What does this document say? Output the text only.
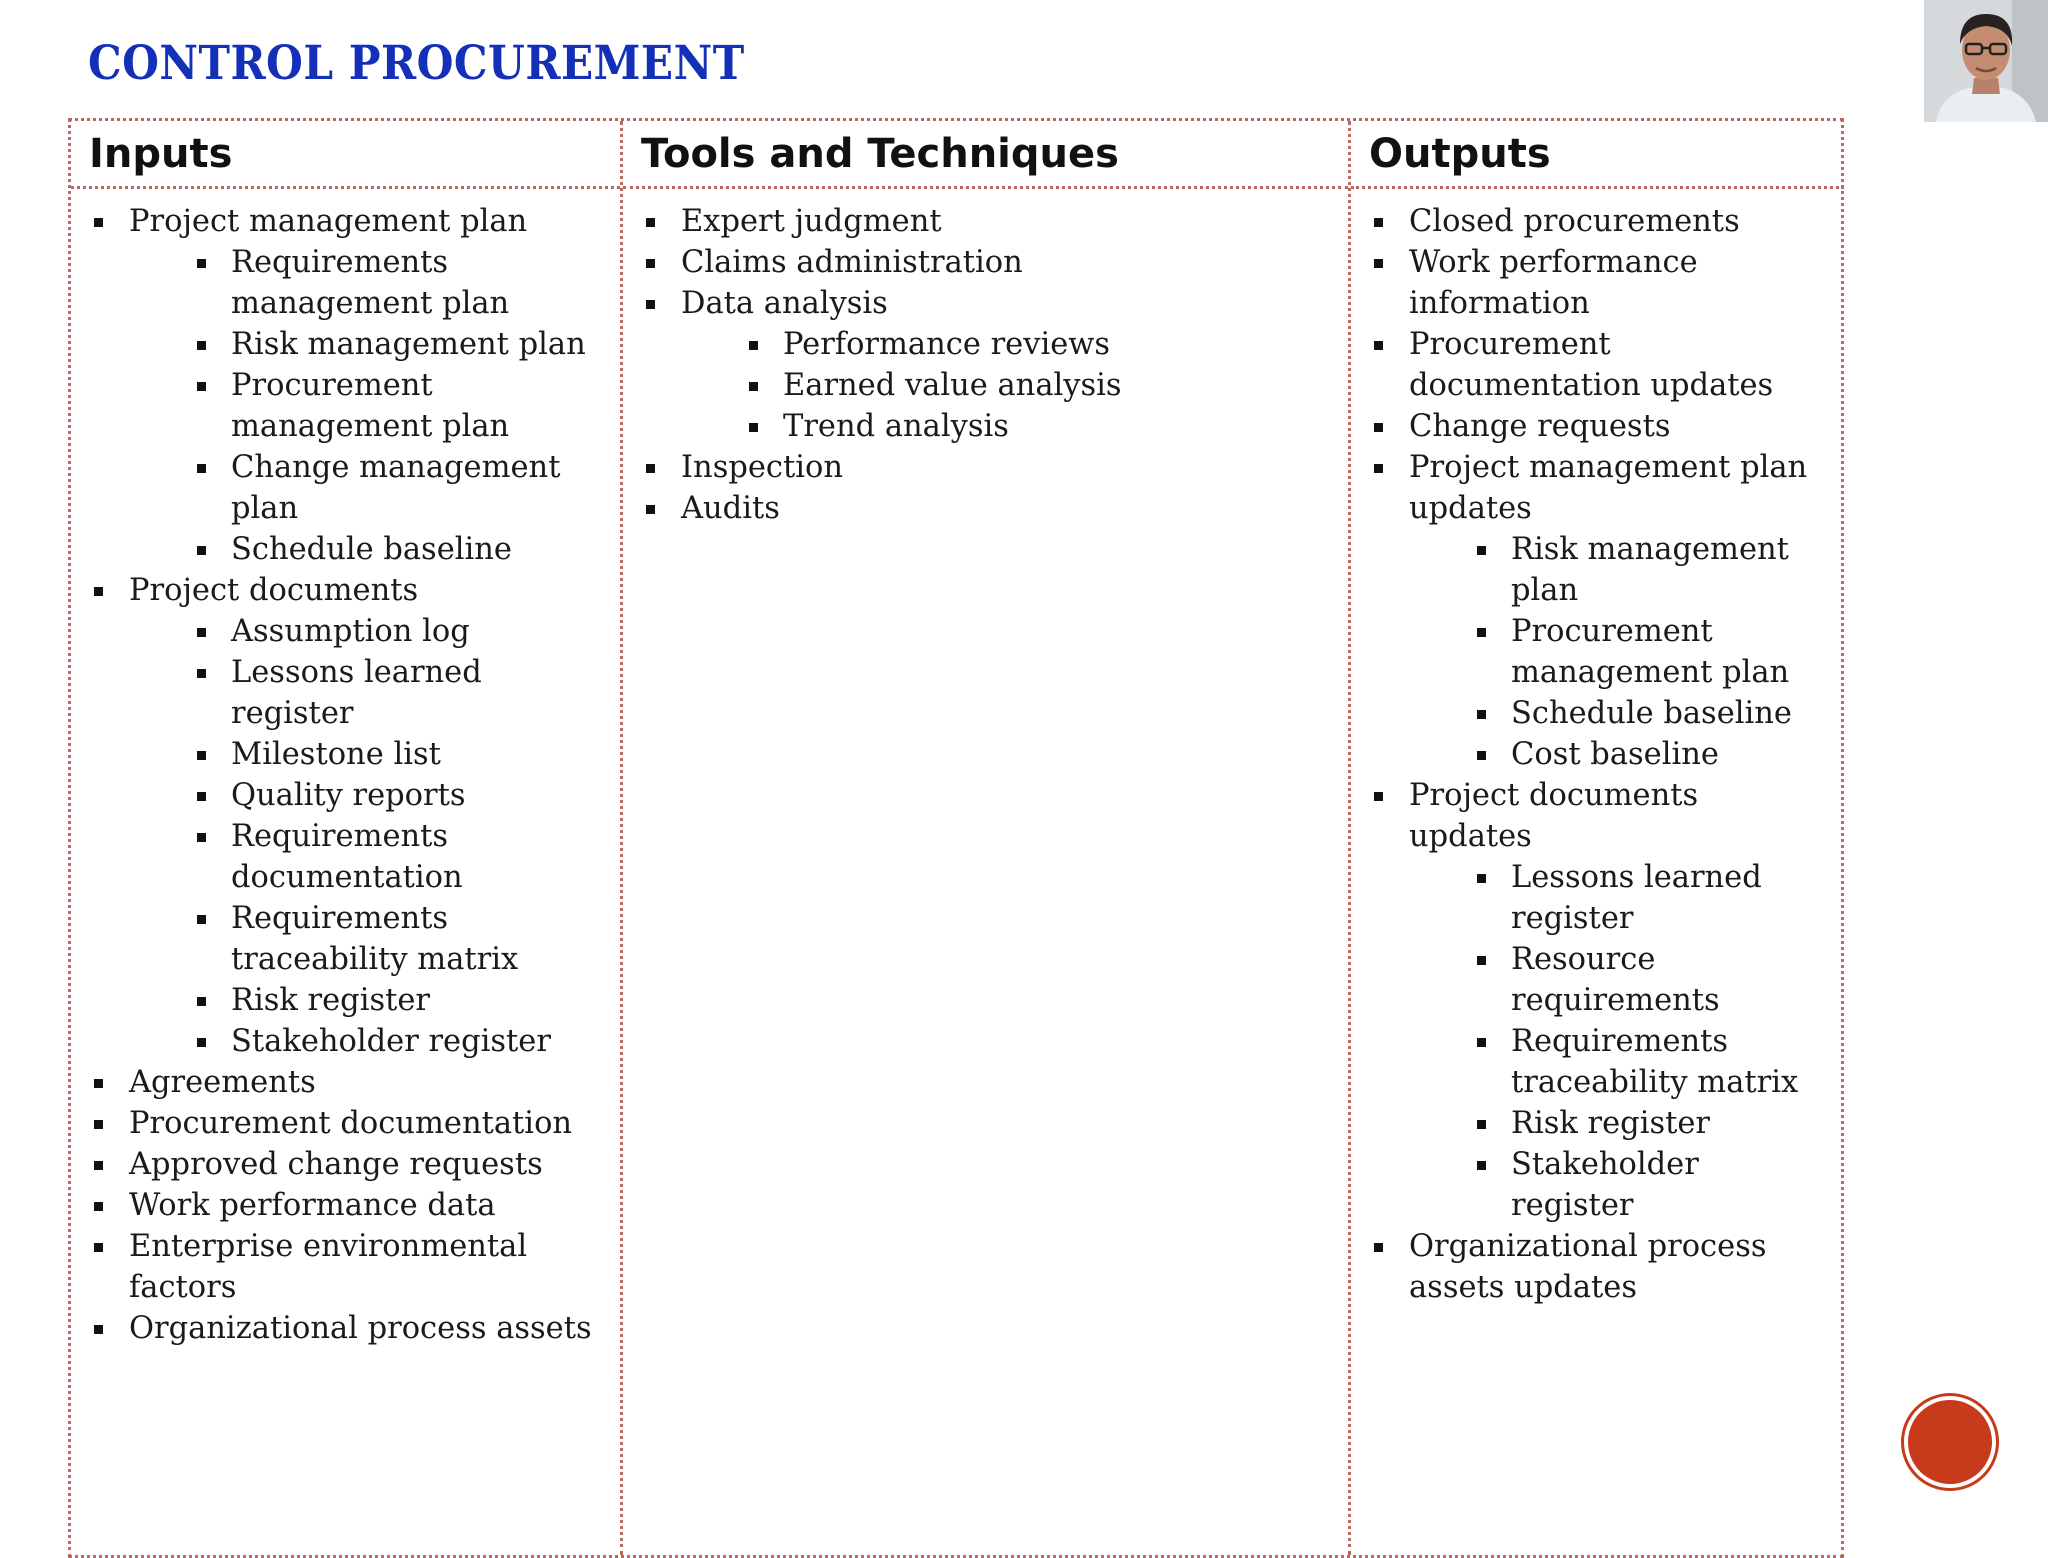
CONTROL PROCUREMENT
Inputs
Project management plan
Requirements
management plan
Risk management plan
Procurement
management plan
Change management
plan
Schedule baseline
Project documents
Assumption log
Lessons learned
register
Milestone list
Quality reports
Requirements
documentation
Requirements
traceability matrix
Risk register
Stakeholder register
Agreements
Procurement documentation
Approved change requests
Work performance data
Enterprise environmental
factors
Organizational process assets
Tools and Techniques
Expert judgment
Claims administration
Data analysis
Performance reviews
Earned value analysis
Trend analysis
Inspection
Audits
Outputs
Closed procurements
Work performance
information
Procurement
documentation updates
Change requests
Project management plan
updates
Risk management
plan
Procurement
management plan
Schedule baseline
Cost baseline
Project documents
updates
Lessons learned
register
Resource
requirements
Requirements
traceability matrix
Risk register
Stakeholder
register
Organizational process
assets updates
